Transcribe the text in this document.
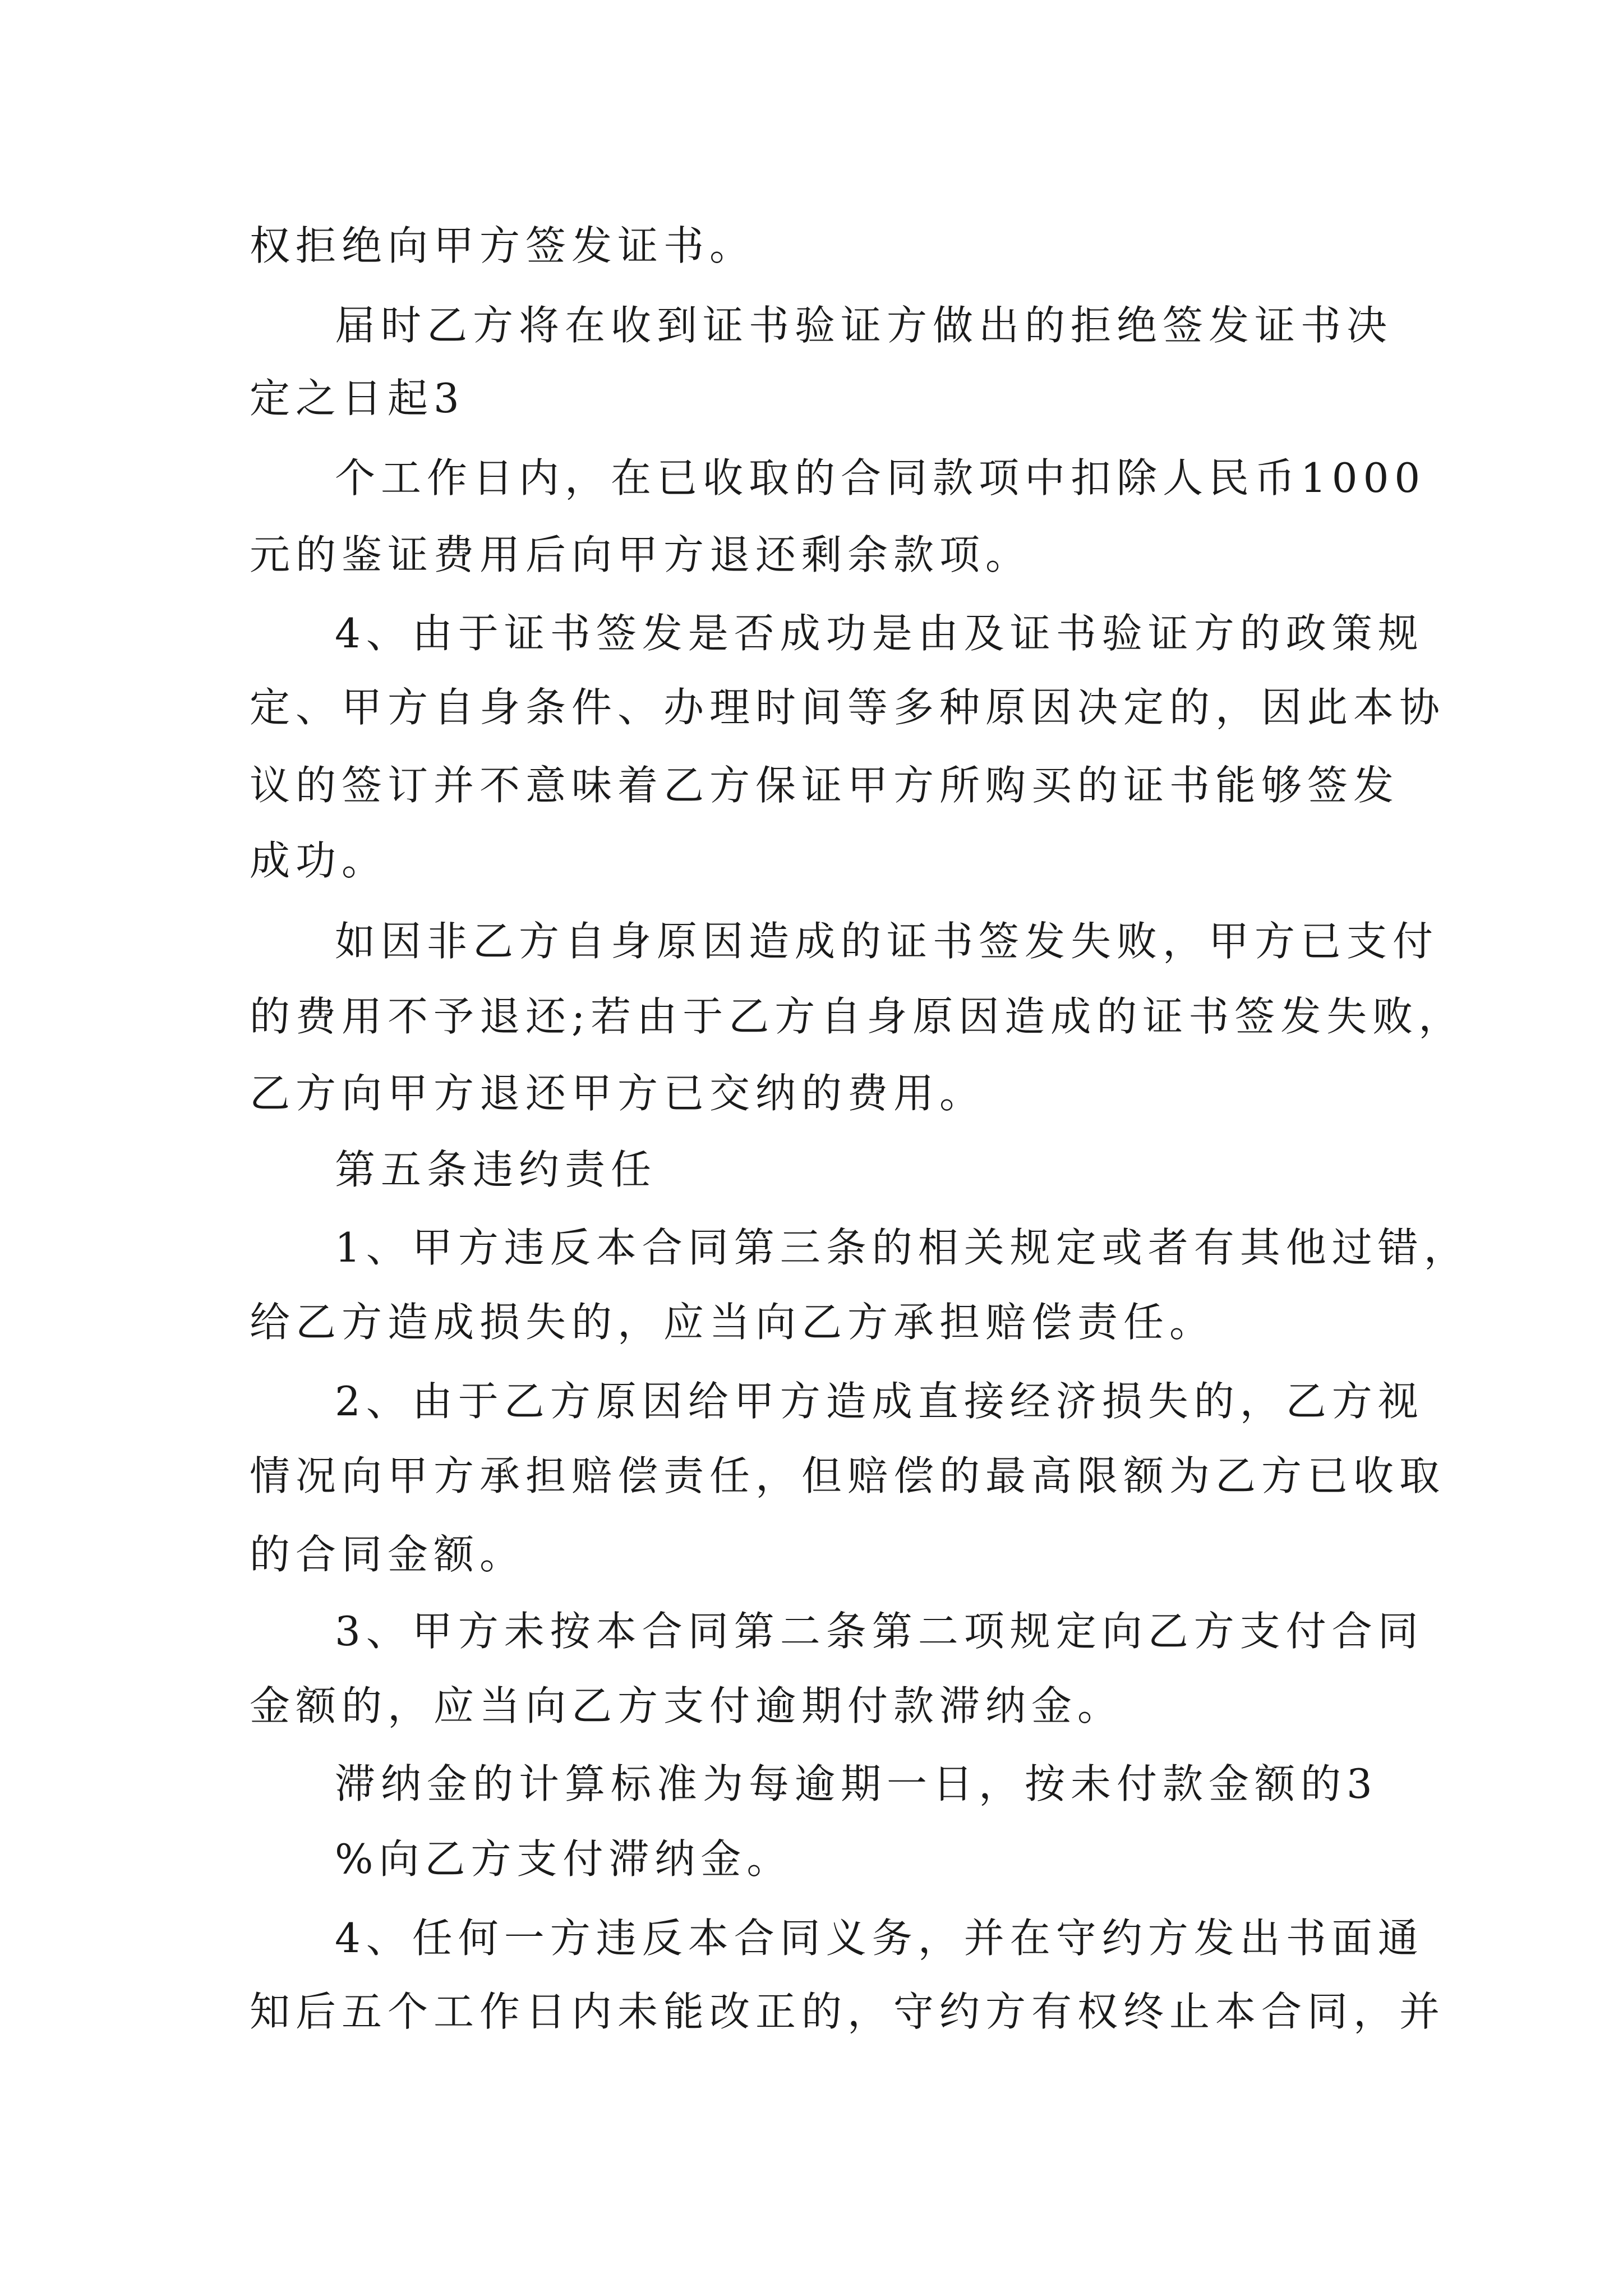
权拒绝向甲方签发证书。
届时乙方将在收到证书验证方做出的拒绝签发证书决
定之日起3
个工作日内，在已收取的合同款项中扣除人民币1000
元的鉴证费用后向甲方退还剩余款项。
4、由于证书签发是否成功是由及证书验证方的政策规
定、甲方自身条件、办理时间等多种原因决定的，因此本协
议的签订并不意味着乙方保证甲方所购买的证书能够签发
成功。
如因非乙方自身原因造成的证书签发失败，甲方已支付
的费用不予退还;若由于乙方自身原因造成的证书签发失败，
乙方向甲方退还甲方已交纳的费用。
第五条违约责任
1、甲方违反本合同第三条的相关规定或者有其他过错，
给乙方造成损失的，应当向乙方承担赔偿责任。
2、由于乙方原因给甲方造成直接经济损失的，乙方视
情况向甲方承担赔偿责任，但赔偿的最高限额为乙方已收取
的合同金额。
3、甲方未按本合同第二条第二项规定向乙方支付合同
金额的，应当向乙方支付逾期付款滞纳金。
滞纳金的计算标准为每逾期一日，按未付款金额的3
%向乙方支付滞纳金。
4、任何一方违反本合同义务，并在守约方发出书面通
知后五个工作日内未能改正的，守约方有权终止本合同，并
